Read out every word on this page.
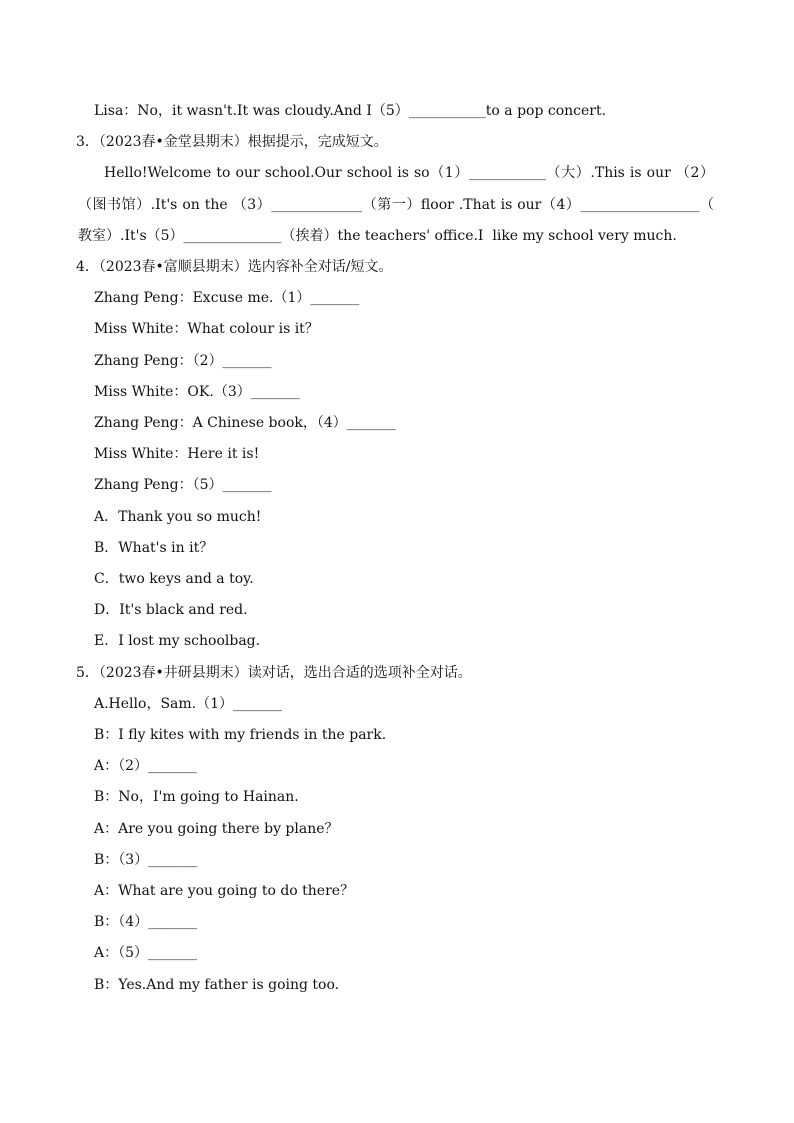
Lisa：No，it wasn't.It was cloudy.And I（5）___________to a pop concert.
3．（2023春•金堂县期末）根据提示，完成短文。
Hello!Welcome to our school.Our school is so（1）___________（大）.This is our （2）
（图书馆）.It's on the （3）_____________（第一）floor .That is our（4）_________________（
教室）.It's（5）______________（挨着）the teachers' office.I  like my school very much.
4．（2023春•富顺县期末）选内容补全对话/短文。
Zhang Peng：Excuse me.（1）_______
Miss White：What colour is it？
Zhang Peng：（2）_______
Miss White：OK.（3）_______
Zhang Peng：A Chinese book，（4）_______
Miss White：Here it is!
Zhang Peng：（5）_______
A．Thank you so much!
B．What's in it？
C．two keys and a toy.
D．It's black and red.
E．I lost my schoolbag.
5．（2023春•井研县期末）读对话，选出合适的选项补全对话。
A.Hello，Sam.（1）_______
B：I fly kites with my friends in the park.
A：（2）_______
B：No，I'm going to Hainan.
A：Are you going there by plane？
B：（3）_______
A：What are you going to do there？
B：（4）_______
A：（5）_______
B：Yes.And my father is going too.
